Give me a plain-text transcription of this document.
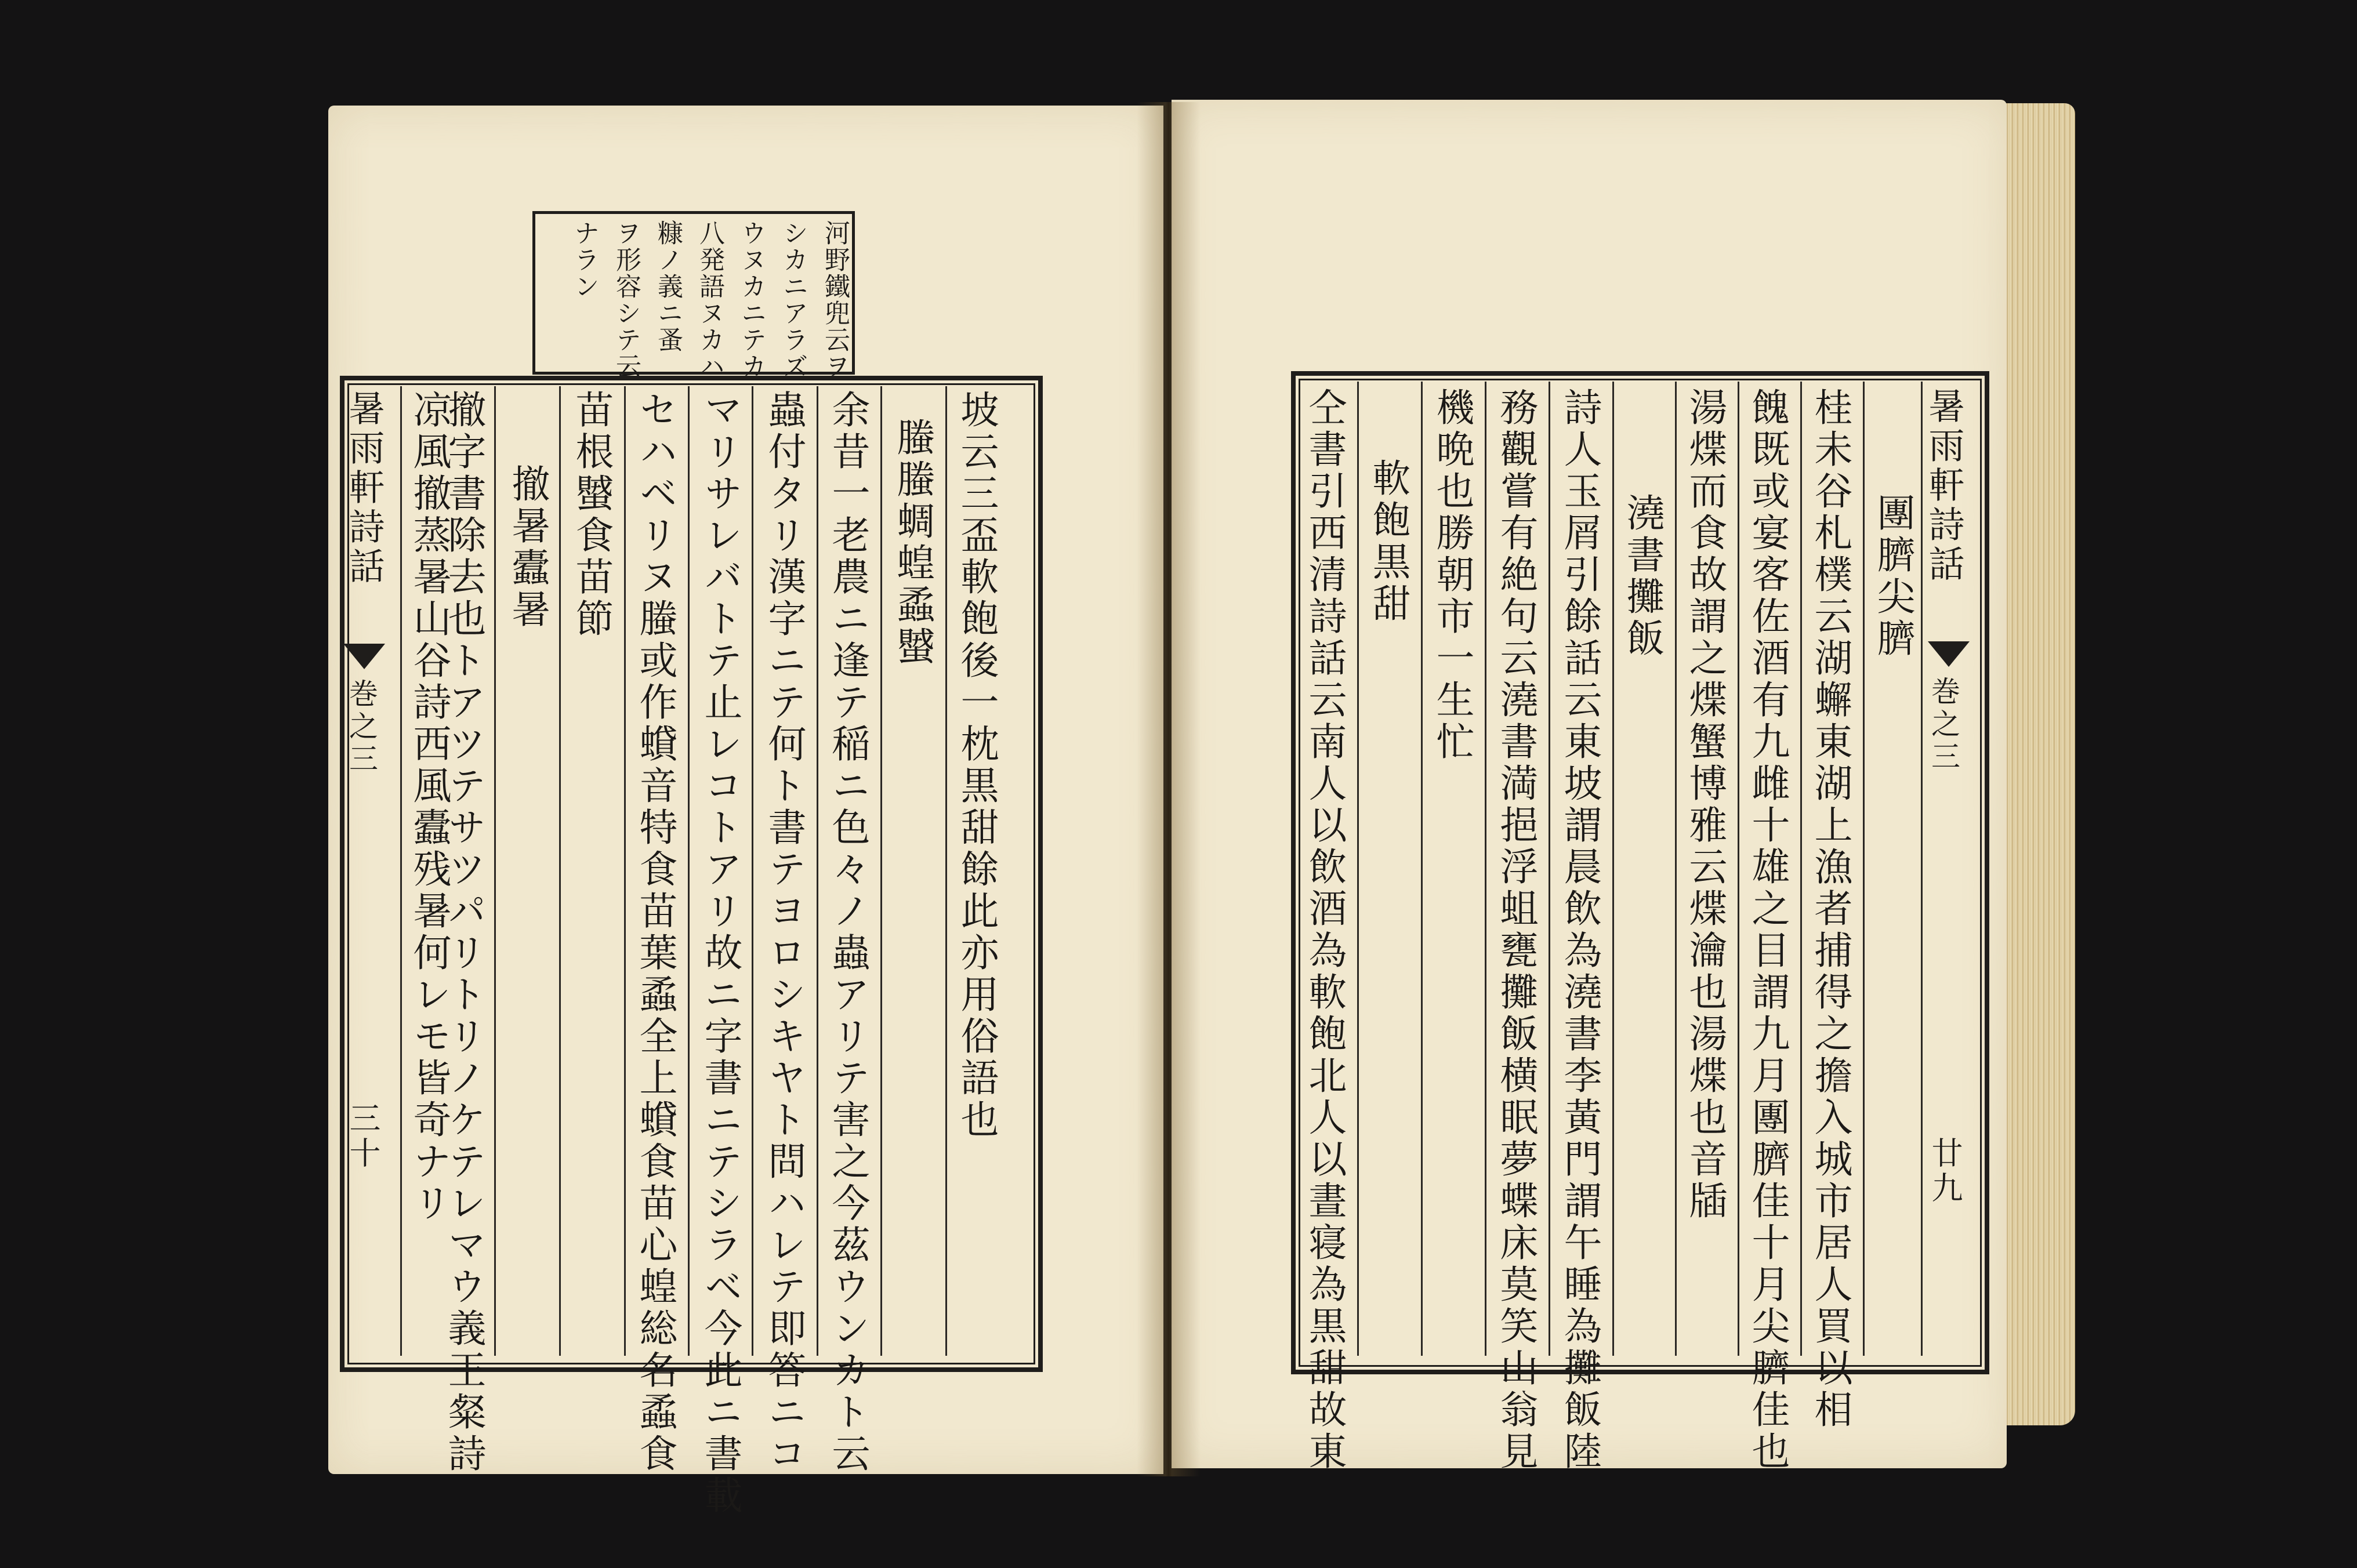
河野鐵兜云ヲ
シカニアラズ
ウヌカニテカ
八発語ヌカハ
糠ノ義ニ蚤
ヲ形容シテ云
ナラン
暑雨軒詩話
巻之三
三十	坡云三盃軟飽後一枕黒甜餘此亦用俗語也
螣螣蜩蝗蟊蠈
余昔一老農ニ逢テ稲ニ色々ノ蟲アリテ害之今茲ウンカト云
蟲付タリ漢字ニテ何ト書テヨロシキヤト問ハレテ即答ニコ
マリサレバトテ止レコトアリ故ニ字書ニテシラベ今此ニ書載
セハベリヌ螣或作蟘音特食苗葉蟊全上蟘食苗心蝗総名蟊食
苗根蠈食苗節
撤暑蠹暑
撤字書除去也トアツテサツパリトリノケテレマウ義王粲詩
凉風撤蒸暑山谷詩西風蠹残暑何レモ皆奇ナリ	暑雨軒詩話
巻之三
廿九
團臍尖臍
桂未谷札樸云湖蠏東湖上漁者捕得之擔入城市居人買以相
餽既或宴客佐酒有九雌十雄之目謂九月團臍佳十月尖臍佳也
湯煠而食故謂之煠蟹博雅云煠瀹也湯煠也音牐
澆書攤飯
詩人玉屑引餘話云東坡謂晨飲為澆書李黃門謂午睡為攤飯陸
務觀嘗有絶句云澆書満挹浮蛆甕攤飯横眠夢蝶床莫笑山翁見
機晩也勝朝市一生忙
軟飽黒甜
仝書引西清詩話云南人以飲酒為軟飽北人以晝寝為黒甜故東
